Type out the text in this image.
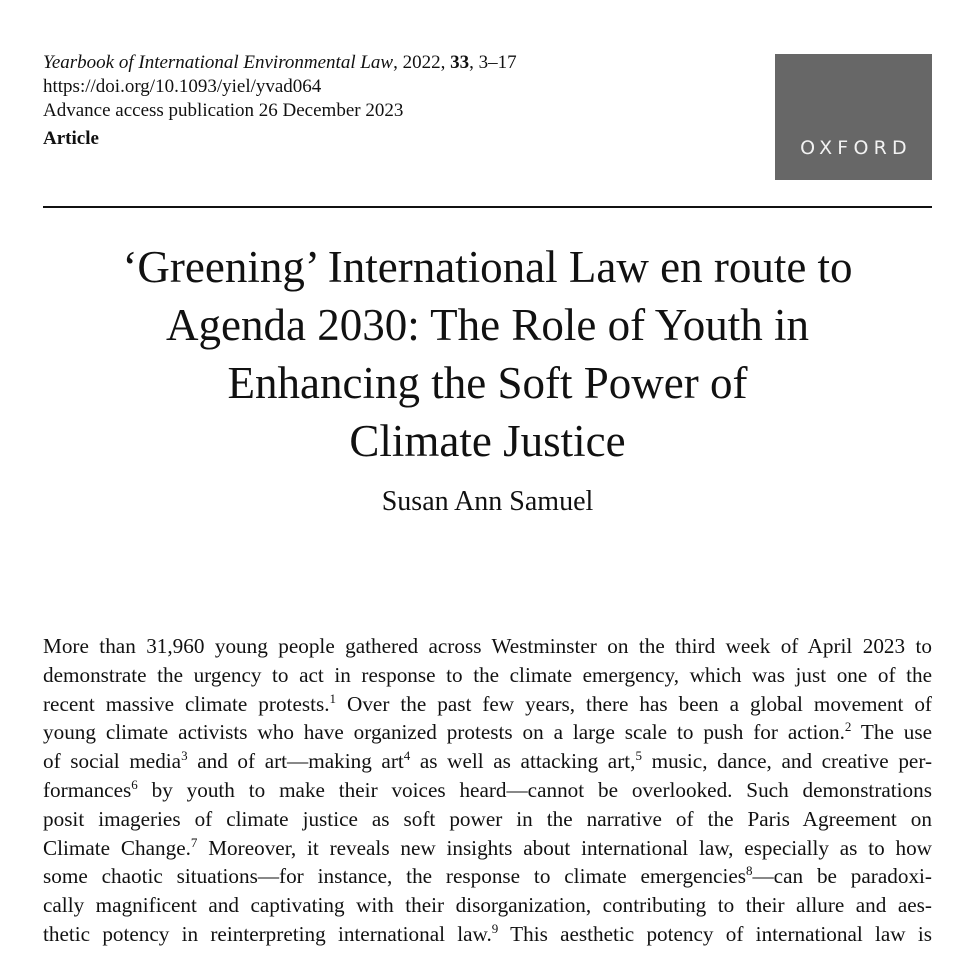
Yearbook of International Environmental Law, 2022, 33, 3–17
https://doi.org/10.1093/yiel/yvad064
Advance access publication 26 December 2023
Article	OXFORD
‘Greening’ International Law en route to
Agenda 2030: The Role of Youth in
Enhancing the Soft Power of
Climate Justice
Susan Ann Samuel
More than 31,960 young people gathered across Westminster on the third week of April 2023 to
demonstrate the urgency to act in response to the climate emergency, which was just one of the
recent massive climate protests.$^1$ Over the past few years, there has been a global movement of
young climate activists who have organized protests on a large scale to push for action.$^2$ The use
of social media$^3$ and of art—making art$^4$ as well as attacking art,$^5$ music, dance, and creative per-
formances$^6$ by youth to make their voices heard—cannot be overlooked. Such demonstrations
posit imageries of climate justice as soft power in the narrative of the Paris Agreement on
Climate Change.$^7$ Moreover, it reveals new insights about international law, especially as to how
some chaotic situations—for instance, the response to climate emergencies$^8$—can be paradoxi-
cally magnificent and captivating with their disorganization, contributing to their allure and aes-
thetic potency in reinterpreting international law.$^9$ This aesthetic potency of international law is
